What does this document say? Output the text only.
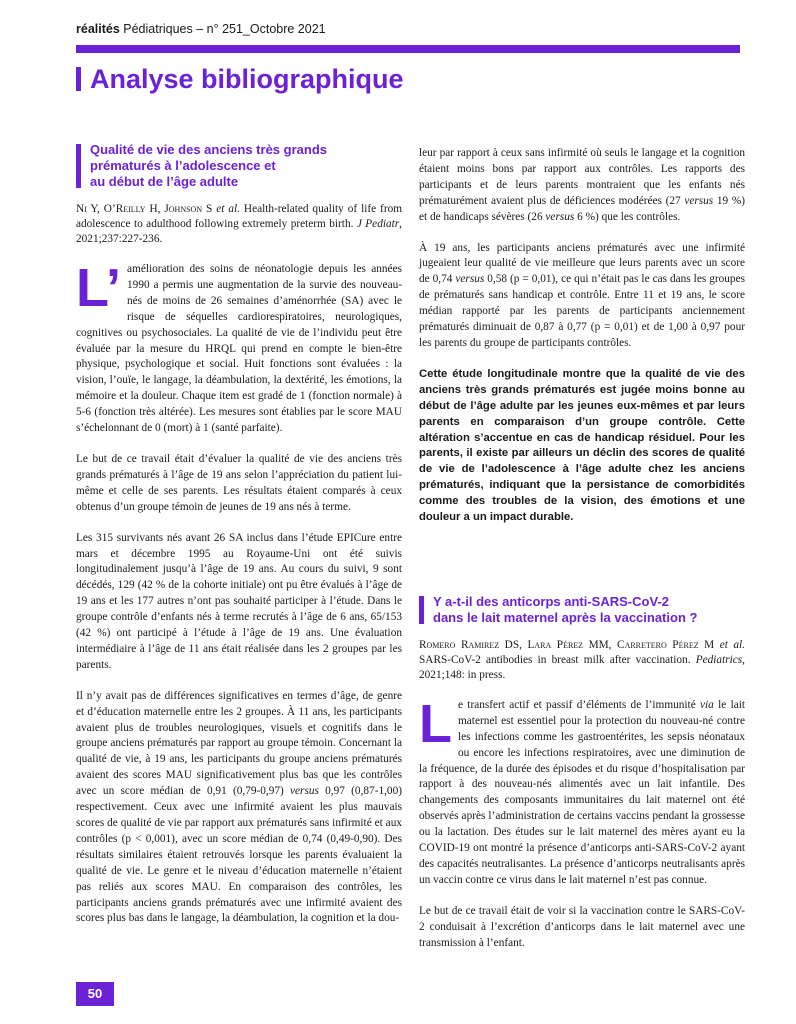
réalités Pédiatriques – n° 251_Octobre 2021
Analyse bibliographique
Qualité de vie des anciens très grands
prématurés à l’adolescence et
au début de l’âge adulte
Ni Y, O’Reilly H, Johnson S et al. Health-related quality of life from adolescence to adulthood following extremely preterm birth. J Pediatr, 2021;237:227-236.

L’ amélioration des soins de néonatologie depuis les années 1990 a permis une augmentation de la survie des nouveau-nés de moins de 26 semaines d’aménorrhée (SA) avec le risque de séquelles cardiorespiratoires, neurologiques, cognitives ou psychosociales. La qualité de vie de l’individu peut être évaluée par la mesure du HRQL qui prend en compte le bien-être physique, psychologique et social. Huit fonctions sont évaluées : la vision, l’ouïe, le langage, la déambulation, la dextérité, les émotions, la mémoire et la douleur. Chaque item est gradé de 1 (fonction normale) à 5-6 (fonction très altérée). Les mesures sont établies par le score MAU s’échelonnant de 0 (mort) à 1 (santé parfaite).

Le but de ce travail était d’évaluer la qualité de vie des anciens très grands prématurés à l’âge de 19 ans selon l’appréciation du patient lui-même et celle de ses parents. Les résultats étaient comparés à ceux obtenus d’un groupe témoin de jeunes de 19 ans nés à terme.

Les 315 survivants nés avant 26 SA inclus dans l’étude EPICure entre mars et décembre 1995 au Royaume-Uni ont été suivis longitudinalement jusqu’à l’âge de 19 ans. Au cours du suivi, 9 sont décédés, 129 (42 % de la cohorte initiale) ont pu être évalués à l’âge de 19 ans et les 177 autres n’ont pas souhaité participer à l’étude. Dans le groupe contrôle d’enfants nés à terme recrutés à l’âge de 6 ans, 65/153 (42 %) ont participé à l’étude à l’âge de 19 ans. Une évaluation intermédiaire à l’âge de 11 ans était réalisée dans les 2 groupes par les parents.

Il n’y avait pas de différences significatives en termes d’âge, de genre et d’éducation maternelle entre les 2 groupes. À 11 ans, les participants avaient plus de troubles neurologiques, visuels et cognitifs dans le groupe anciens prématurés par rapport au groupe témoin. Concernant la qualité de vie, à 19 ans, les participants du groupe anciens prématurés avaient des scores MAU significativement plus bas que les contrôles avec un score médian de 0,91 (0,79-0,97) versus 0,97 (0,87-1,00) respectivement. Ceux avec une infirmité avaient les plus mauvais scores de qualité de vie par rapport aux prématurés sans infirmité et aux contrôles (p < 0,001), avec un score médian de 0,74 (0,49-0,90). Des résultats similaires étaient retrouvés lorsque les parents évaluaient la qualité de vie. Le genre et le niveau d’éducation maternelle n’étaient pas reliés aux scores MAU. En comparaison des contrôles, les participants anciens grands prématurés avec une infirmité avaient des scores plus bas dans le langage, la déambulation, la cognition et la dou-

leur par rapport à ceux sans infirmité où seuls le langage et la cognition étaient moins bons par rapport aux contrôles. Les rapports des participants et de leurs parents montraient que les enfants nés prématurément avaient plus de déficiences modérées (27 versus 19 %) et de handicaps sévères (26 versus 6 %) que les contrôles.

À 19 ans, les participants anciens prématurés avec une infirmité jugeaient leur qualité de vie meilleure que leurs parents avec un score de 0,74 versus 0,58 (p = 0,01), ce qui n’était pas le cas dans les groupes de prématurés sans handicap et contrôle. Entre 11 et 19 ans, le score médian rapporté par les parents de participants anciennement prématurés diminuait de 0,87 à 0,77 (p = 0,01) et de 1,00 à 0,97 pour les parents du groupe de participants contrôles.

Cette étude longitudinale montre que la qualité de vie des anciens très grands prématurés est jugée moins bonne au début de l’âge adulte par les jeunes eux-mêmes et par leurs parents en comparaison d’un groupe contrôle. Cette altération s’accentue en cas de handicap résiduel. Pour les parents, il existe par ailleurs un déclin des scores de qualité de vie de l’adolescence à l’âge adulte chez les anciens prématurés, indiquant que la persistance de comorbidités comme des troubles de la vision, des émotions et une douleur a un impact durable.

Y a-t-il des anticorps anti-SARS-CoV-2
dans le lait maternel après la vaccination ?
Romero Ramirez DS, Lara Pérez MM, Carretero Pérez M et al. SARS-CoV-2 antibodies in breast milk after vaccination. Pediatrics, 2021;148: in press.

Le transfert actif et passif d’éléments de l’immunité via le lait maternel est essentiel pour la protection du nouveau-né contre les infections comme les gastroentérites, les sepsis néonataux ou encore les infections respiratoires, avec une diminution de la fréquence, de la durée des épisodes et du risque d’hospitalisation par rapport à des nouveau-nés alimentés avec un lait infantile. Des changements des composants immunitaires du lait maternel ont été observés après l’administration de certains vaccins pendant la grossesse ou la lactation. Des études sur le lait maternel des mères ayant eu la COVID-19 ont montré la présence d’anticorps anti-SARS-CoV-2 ayant des capacités neutralisantes. La présence d’anticorps neutralisants après un vaccin contre ce virus dans le lait maternel n’est pas connue.

Le but de ce travail était de voir si la vaccination contre le SARS-CoV-2 conduisait à l’excrétion d’anticorps dans le lait maternel avec une transmission à l’enfant.

50
